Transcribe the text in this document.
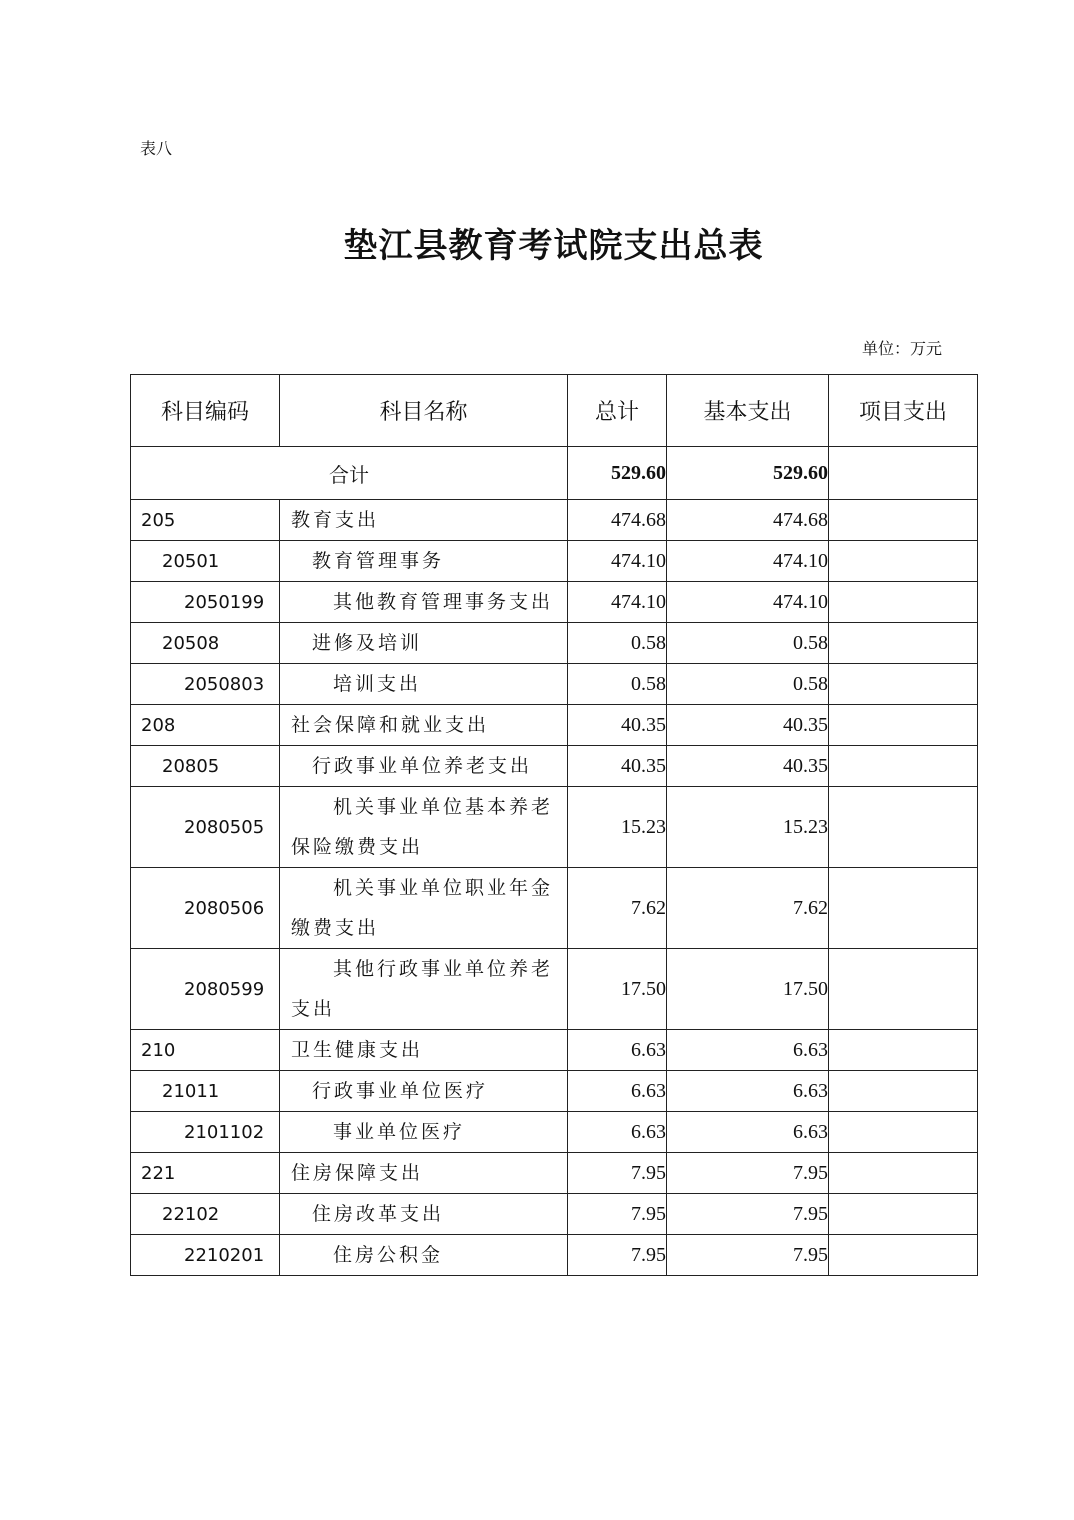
表八
垫江县教育考试院支出总表
单位：万元
科目编码	科目名称	总计	基本支出	项目支出
合计		529.60	529.60	
205	教育支出	474.68	474.68	
20501	教育管理事务	474.10	474.10	
2050199	其他教育管理事务支出	474.10	474.10	
20508	进修及培训	0.58	0.58	
2050803	培训支出	0.58	0.58	
208	社会保障和就业支出	40.35	40.35	
20805	行政事业单位养老支出	40.35	40.35	
2080505	机关事业单位基本养老
保险缴费支出	15.23	15.23	
2080506	机关事业单位职业年金
缴费支出	7.62	7.62	
2080599	其他行政事业单位养老
支出	17.50	17.50	
210	卫生健康支出	6.63	6.63	
21011	行政事业单位医疗	6.63	6.63	
2101102	事业单位医疗	6.63	6.63	
221	住房保障支出	7.95	7.95	
22102	住房改革支出	7.95	7.95	
2210201	住房公积金	7.95	7.95	
